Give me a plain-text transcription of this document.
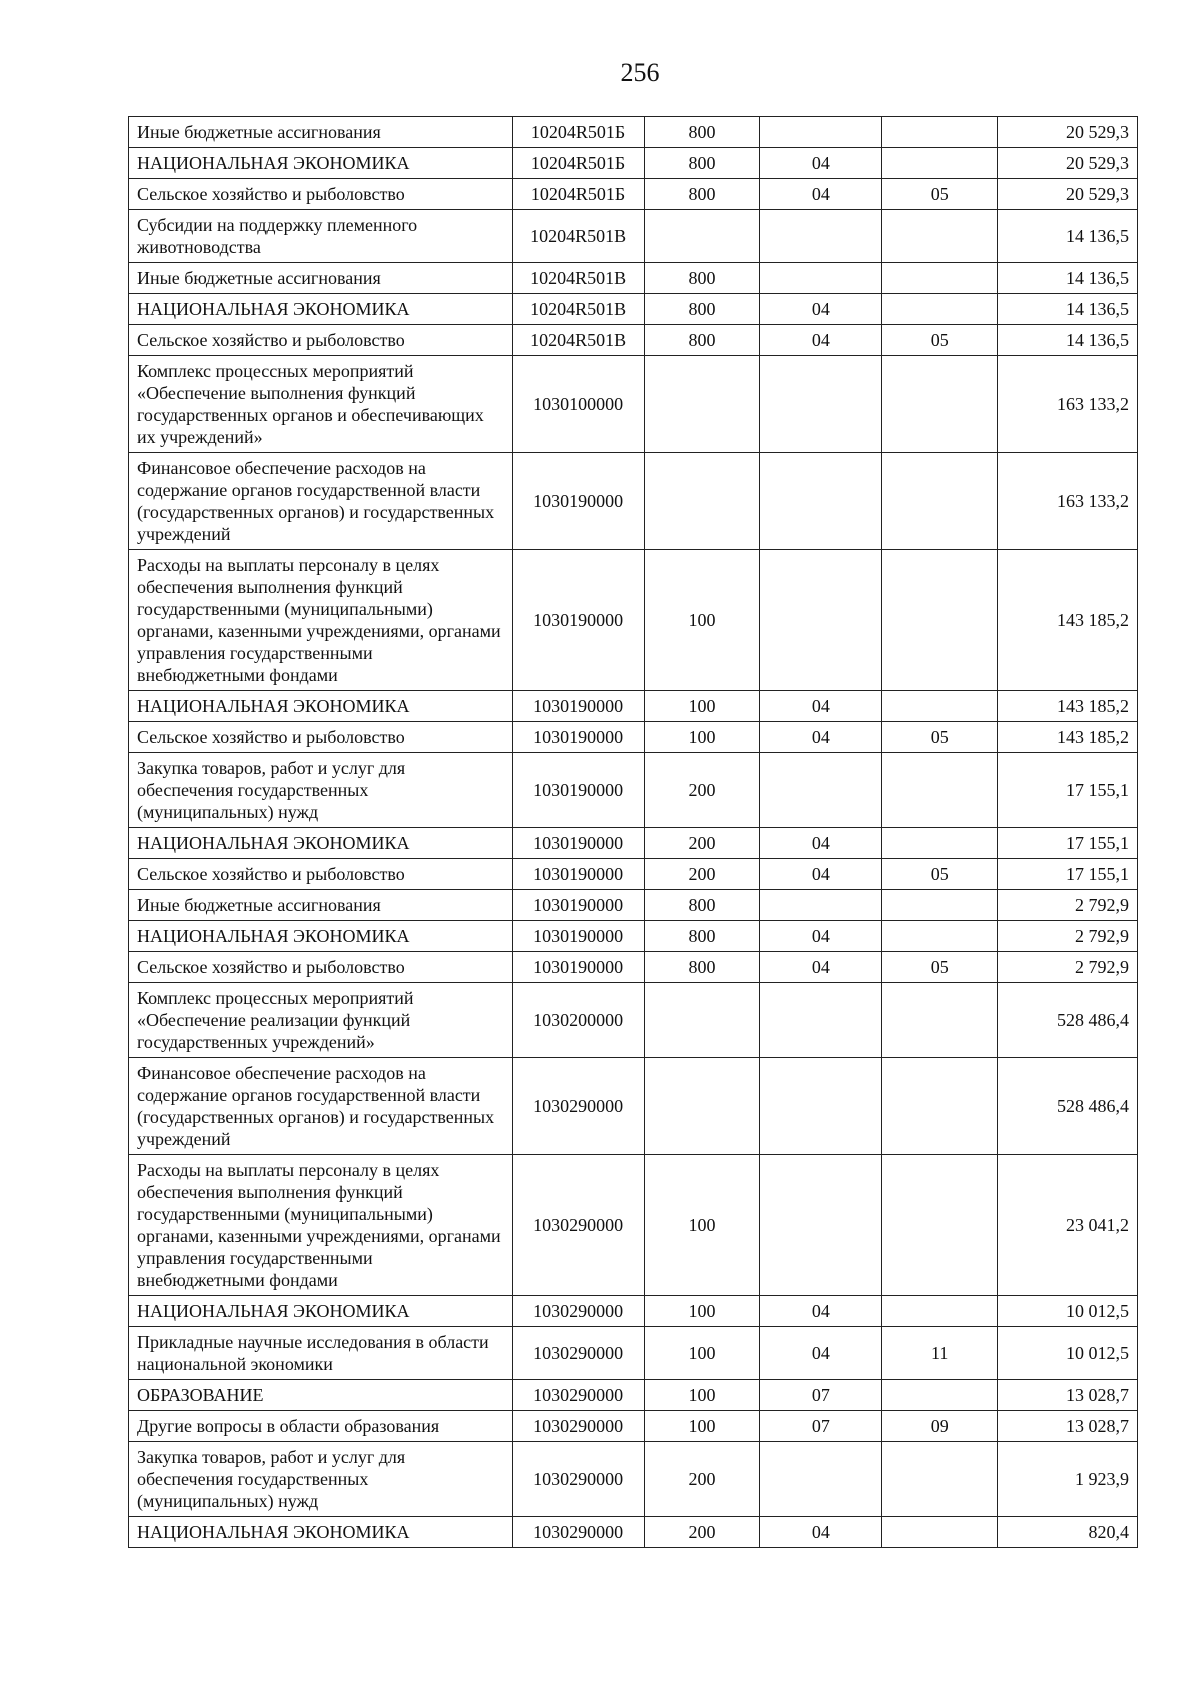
256
Иные бюджетные ассигнования	10204R501Б	800			20 529,3
НАЦИОНАЛЬНАЯ ЭКОНОМИКА	10204R501Б	800	04		20 529,3
Сельское хозяйство и рыболовство	10204R501Б	800	04	05	20 529,3
Субсидии на поддержку племенного животноводства	10204R501В				14 136,5
Иные бюджетные ассигнования	10204R501В	800			14 136,5
НАЦИОНАЛЬНАЯ ЭКОНОМИКА	10204R501В	800	04		14 136,5
Сельское хозяйство и рыболовство	10204R501В	800	04	05	14 136,5
Комплекс процессных мероприятий «Обеспечение выполнения функций государственных органов и обеспечивающих их учреждений»	1030100000				163 133,2
Финансовое обеспечение расходов на содержание органов государственной власти (государственных органов) и государственных учреждений	1030190000				163 133,2
Расходы на выплаты персоналу в целях обеспечения выполнения функций государственными (муниципальными) органами, казенными учреждениями, органами управления государственными внебюджетными фондами	1030190000	100			143 185,2
НАЦИОНАЛЬНАЯ ЭКОНОМИКА	1030190000	100	04		143 185,2
Сельское хозяйство и рыболовство	1030190000	100	04	05	143 185,2
Закупка товаров, работ и услуг для обеспечения государственных (муниципальных) нужд	1030190000	200			17 155,1
НАЦИОНАЛЬНАЯ ЭКОНОМИКА	1030190000	200	04		17 155,1
Сельское хозяйство и рыболовство	1030190000	200	04	05	17 155,1
Иные бюджетные ассигнования	1030190000	800			2 792,9
НАЦИОНАЛЬНАЯ ЭКОНОМИКА	1030190000	800	04		2 792,9
Сельское хозяйство и рыболовство	1030190000	800	04	05	2 792,9
Комплекс процессных мероприятий «Обеспечение реализации функций государственных учреждений»	1030200000				528 486,4
Финансовое обеспечение расходов на содержание органов государственной власти (государственных органов) и государственных учреждений	1030290000				528 486,4
Расходы на выплаты персоналу в целях обеспечения выполнения функций государственными (муниципальными) органами, казенными учреждениями, органами управления государственными внебюджетными фондами	1030290000	100			23 041,2
НАЦИОНАЛЬНАЯ ЭКОНОМИКА	1030290000	100	04		10 012,5
Прикладные научные исследования в области национальной экономики	1030290000	100	04	11	10 012,5
ОБРАЗОВАНИЕ	1030290000	100	07		13 028,7
Другие вопросы в области образования	1030290000	100	07	09	13 028,7
Закупка товаров, работ и услуг для обеспечения государственных (муниципальных) нужд	1030290000	200			1 923,9
НАЦИОНАЛЬНАЯ ЭКОНОМИКА	1030290000	200	04		820,4
